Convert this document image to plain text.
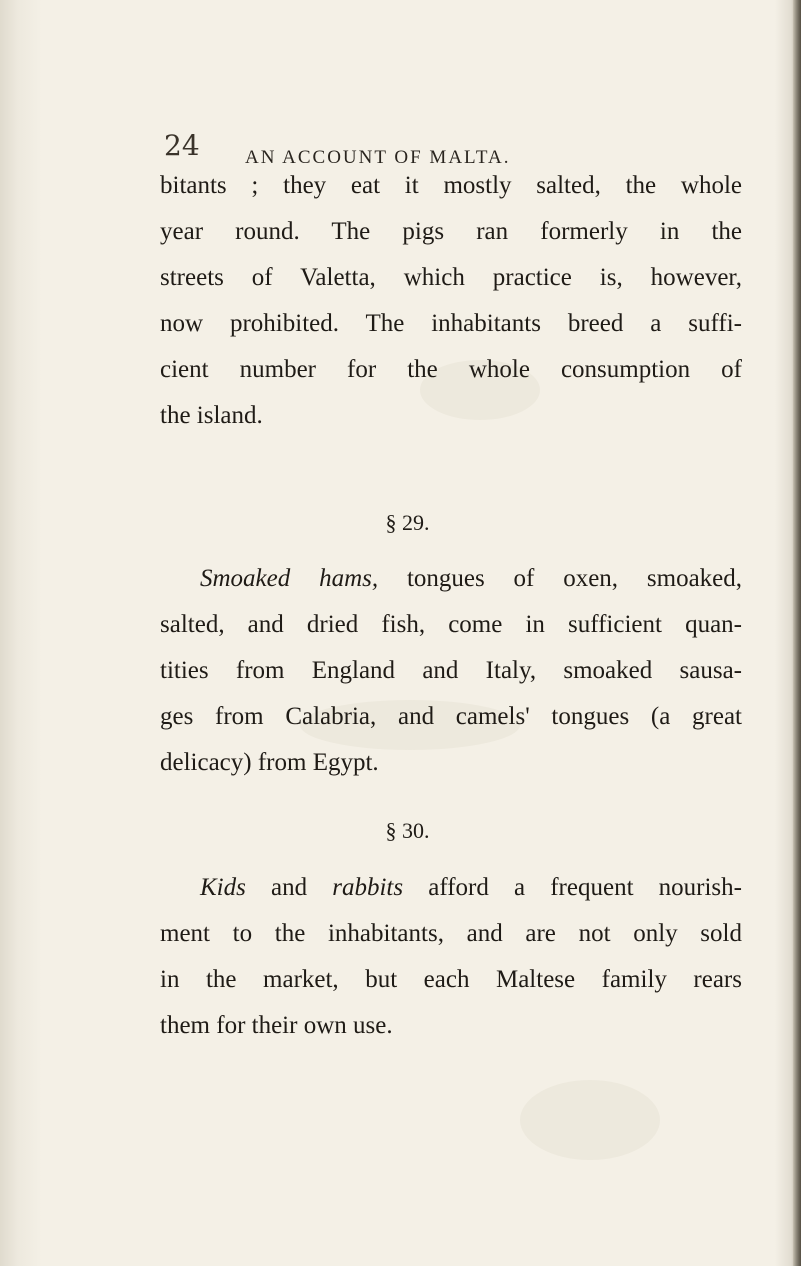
24 AN ACCOUNT OF MALTA.
bitants ; they eat it mostly salted, the whole
year round. The pigs ran formerly in the
streets of Valetta, which practice is, however,
now prohibited. The inhabitants breed a suffi-
cient number for the whole consumption of
the island.
§ 29.
Smoaked hams, tongues of oxen, smoaked,
salted, and dried fish, come in sufficient quan-
tities from England and Italy, smoaked sausa-
ges from Calabria, and camels' tongues (a great
delicacy) from Egypt.
§ 30.
Kids and rabbits afford a frequent nourish-
ment to the inhabitants, and are not only sold
in the market, but each Maltese family rears
them for their own use.
